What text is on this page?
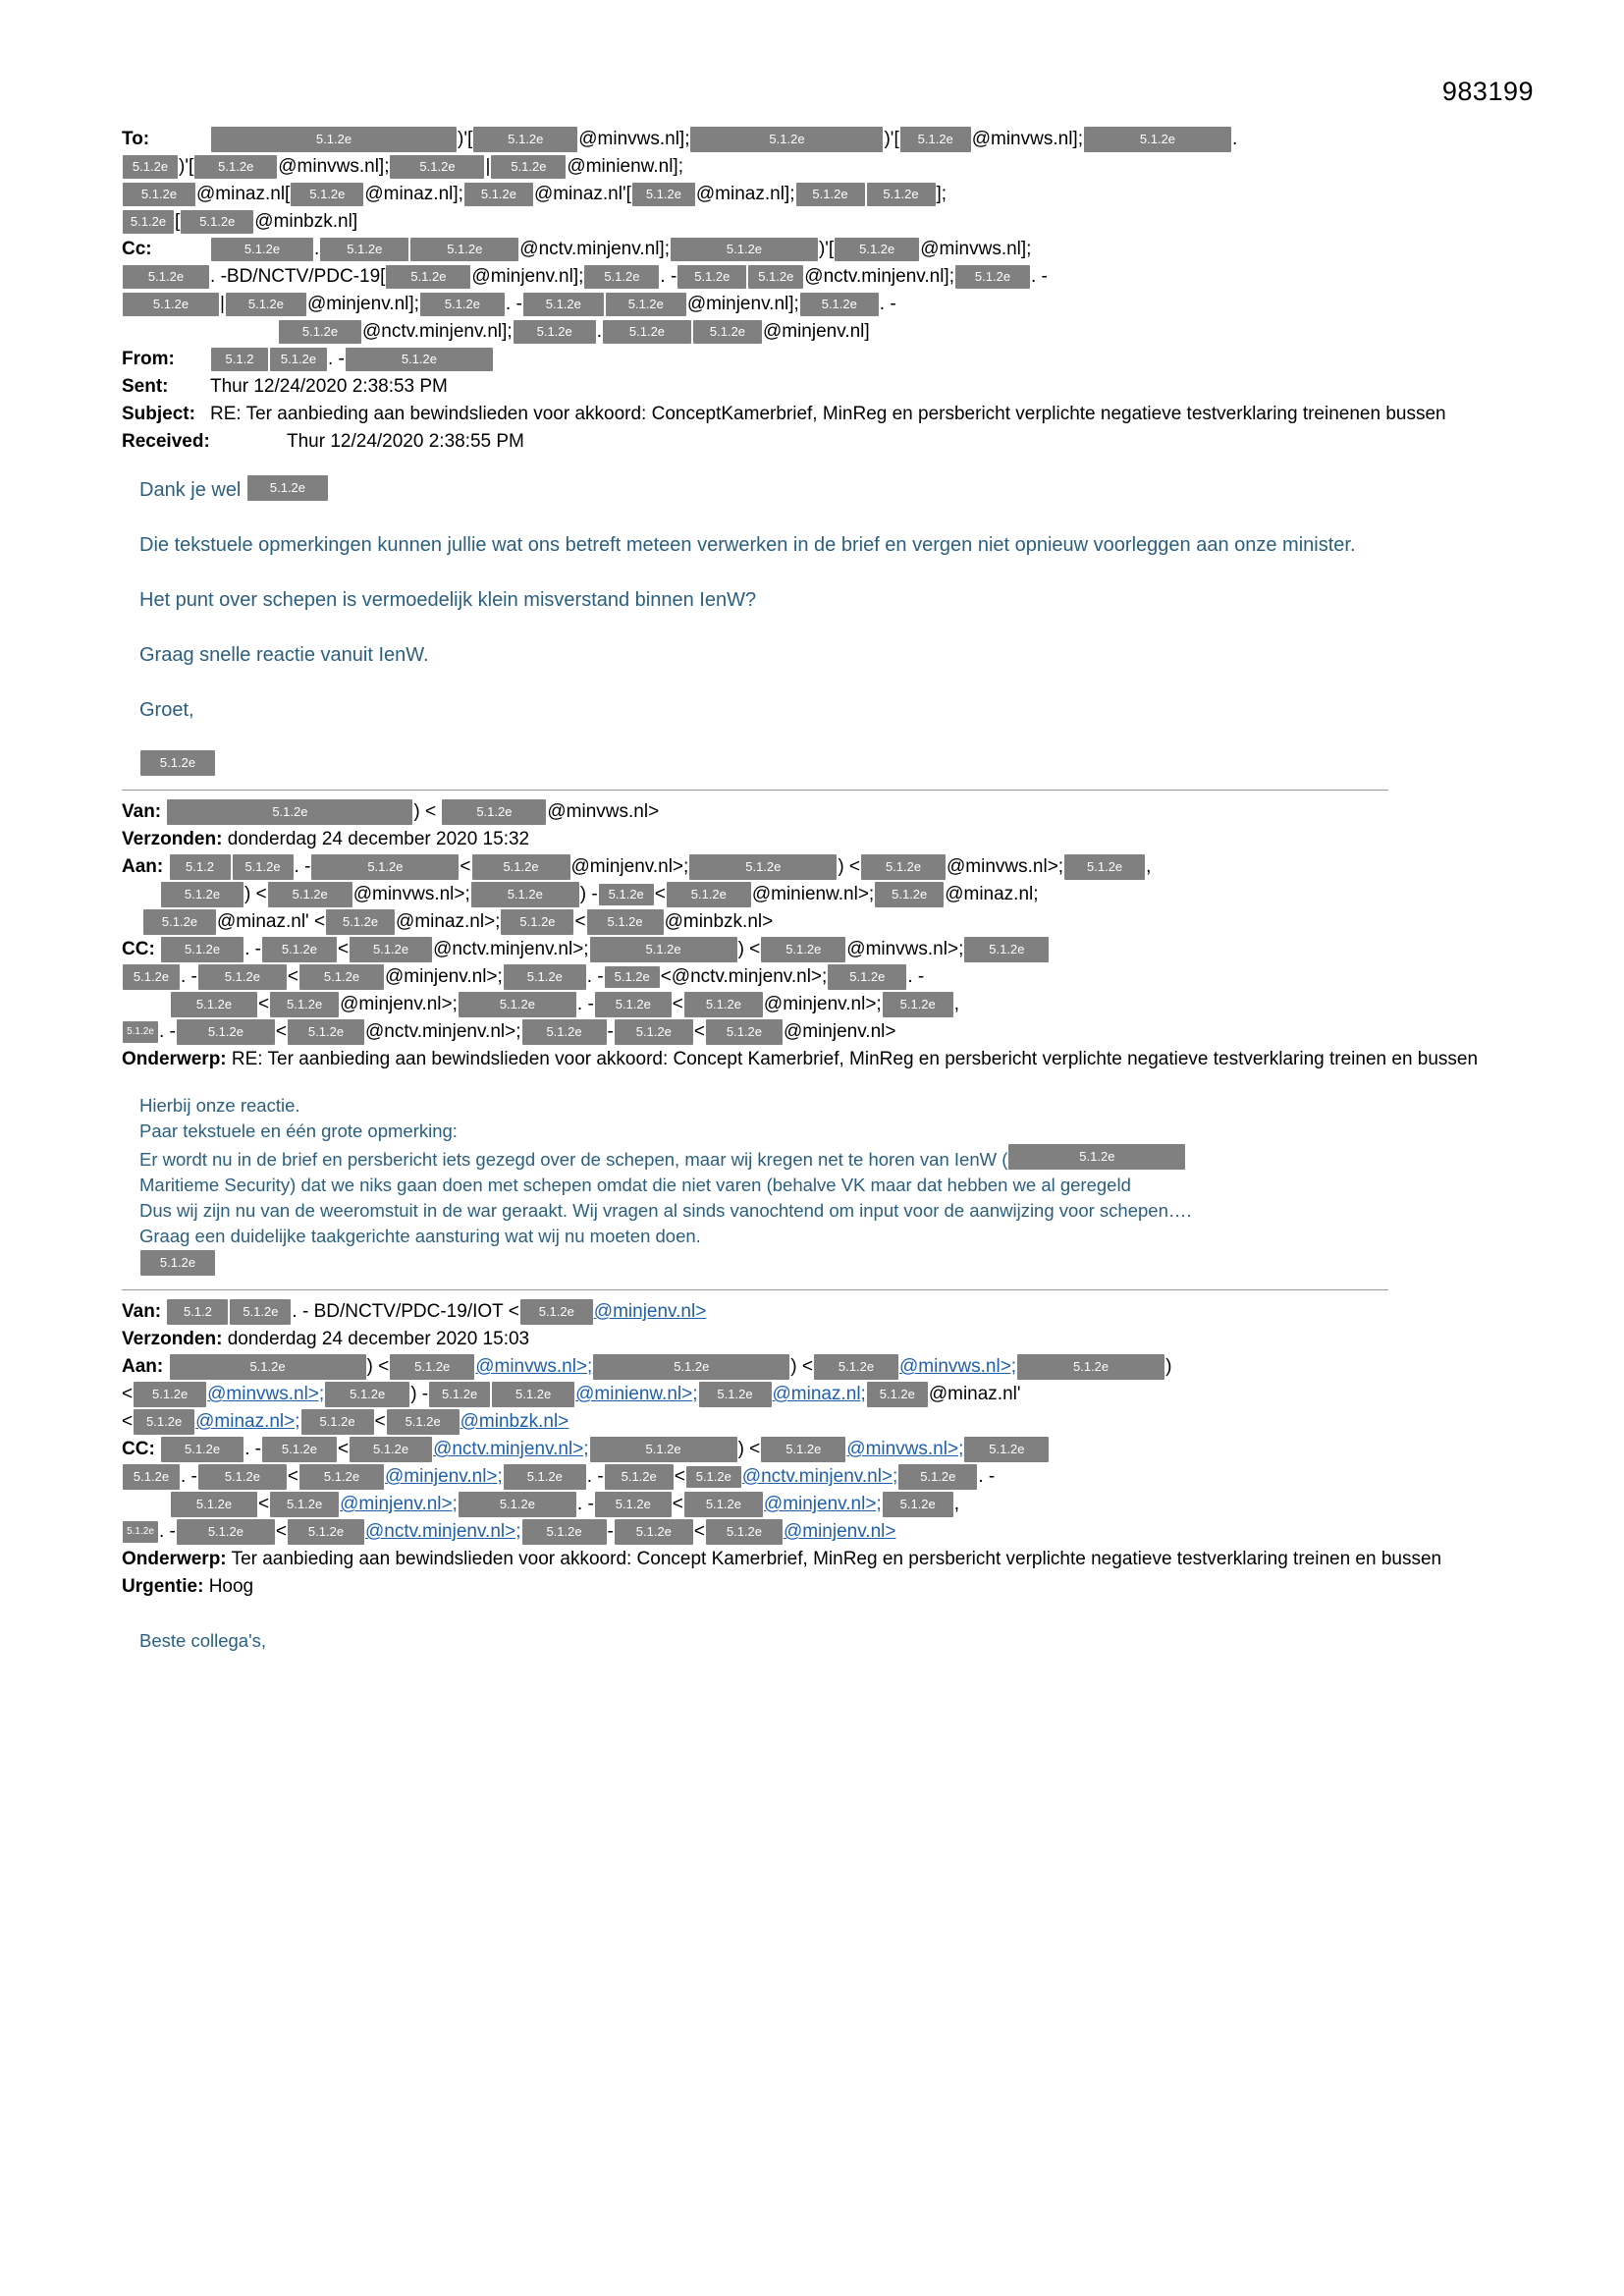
983199
To:	5.1.2e	)'[	5.1.2e @minvws.nl];	5.1.2e	)'[ 5.1.2e @minvws.nl];	5.1.2e	.
5.1.2e )'[ 5.1.2e @minvws.nl]; 5.1.2e | 5.1.2e @minienw.nl];
5.1.2e @minaz.nl[ 5.1.2e @minaz.nl]; 5.1.2e @minaz.nl'[ 5.1.2e @minaz.nl]; 5.1.2e	5.1.2e ];
5.1.2e [ 5.1.2e @minbzk.nl]
Cc:	5.1.2e . 5.1.2e	5.1.2e @nctv.minjenv.nl];	5.1.2e	)'[ 5.1.2e @minvws.nl];
5.1.2e . -BD/NCTV/PDC-19[ 5.1.2e @minjenv.nl]; 5.1.2e . - 5.1.2e 5.1.2e @nctv.minjenv.nl]; 5.1.2e . -
5.1.2e | 5.1.2e @minjenv.nl]; 5.1.2e . - 5.1.2e	5.1.2e @minjenv.nl]; 5.1.2e . -
5.1.2e @nctv.minjenv.nl]; 5.1.2e . 5.1.2e	5.1.2e @minjenv.nl]
From:	5.1.2 5.1.2e . -	5.1.2e
Sent: Thur 12/24/2020 2:38:53 PM
Subject: RE: Ter aanbieding aan bewindslieden voor akkoord: ConceptKamerbrief, MinReg en persbericht verplichte negatieve testverklaring treinenen bussen
Received:	Thur 12/24/2020 2:38:55 PM

Dank je wel 5.1.2e

Die tekstuele opmerkingen kunnen jullie wat ons betreft meteen verwerken in de brief en vergen niet opnieuw voorleggen aan onze minister.

Het punt over schepen is vermoedelijk klein misverstand binnen IenW?

Graag snelle reactie vanuit IenW.

Groet,

5.1.2e
Van:	5.1.2e	) <	5.1.2e @minvws.nl>
Verzonden: donderdag 24 december 2020 15:32
Aan: 5.1.2 5.1.2e . -	5.1.2e	<	5.1.2e @minjenv.nl>;	5.1.2e	) < 5.1.2e @minvws.nl>; 5.1.2e ,
5.1.2e ) < 5.1.2e @minvws.nl>;	5.1.2e ) - 5.1.2e < 5.1.2e @minienw.nl>; 5.1.2e @minaz.nl;
5.1.2e @minaz.nl' < 5.1.2e @minaz.nl>; 5.1.2e < 5.1.2e @minbzk.nl>
CC: 5.1.2e . - 5.1.2e < 5.1.2e @nctv.minjenv.nl>;	5.1.2e	) < 5.1.2e @minvws.nl>; 5.1.2e
5.1.2e . - 5.1.2e < 5.1.2e @minjenv.nl>; 5.1.2e . - 5.1.2e <@nctv.minjenv.nl>; 5.1.2e . -
5.1.2e < 5.1.2e @minjenv.nl>;	5.1.2e . - 5.1.2e < 5.1.2e @minjenv.nl>; 5.1.2e ,
5.1.2e . -	5.1.2e < 5.1.2e @nctv.minjenv.nl>; 5.1.2e - 5.1.2e < 5.1.2e @minjenv.nl>
Onderwerp: RE: Ter aanbieding aan bewindslieden voor akkoord: Concept Kamerbrief, MinReg en persbericht verplichte negatieve testverklaring treinen en bussen

Hierbij onze reactie.

Paar tekstuele en één grote opmerking:

Er wordt nu in de brief en persbericht iets gezegd over de schepen, maar wij kregen net te horen van IenW (	5.1.2e

Maritieme Security) dat we niks gaan doen met schepen omdat die niet varen (behalve VK maar dat hebben we al geregeld

Dus wij zijn nu van de weeromstuit in de war geraakt. Wij vragen al sinds vanochtend om input voor de aanwijzing voor schepen….

Graag een duidelijke taakgerichte aansturing wat wij nu moeten doen.

5.1.2e

Van: 5.1.2 5.1.2e . - BD/NCTV/PDC-19/IOT < 5.1.2e @minjenv.nl>
Verzonden: donderdag 24 december 2020 15:03
Aan:	5.1.2e	) < 5.1.2e @minvws.nl>;	5.1.2e	) < 5.1.2e @minvws.nl>;	5.1.2e	)
< 5.1.2e @minvws.nl>; 5.1.2e ) - 5.1.2e	5.1.2e @minienw.nl>; 5.1.2e @minaz.nl; 5.1.2e @minaz.nl'
< 5.1.2e @minaz.nl>; 5.1.2e < 5.1.2e @minbzk.nl>
CC: 5.1.2e . - 5.1.2e < 5.1.2e @nctv.minjenv.nl>;	5.1.2e	) < 5.1.2e @minvws.nl>; 5.1.2e
5.1.2e . - 5.1.2e < 5.1.2e @minjenv.nl>; 5.1.2e . - 5.1.2e < 5.1.2e @nctv.minjenv.nl>; 5.1.2e . -
5.1.2e < 5.1.2e @minjenv.nl>;	5.1.2e . - 5.1.2e < 5.1.2e @minjenv.nl>; 5.1.2e ,
5.1.2e . -	5.1.2e < 5.1.2e @nctv.minjenv.nl>; 5.1.2e - 5.1.2e < 5.1.2e @minjenv.nl>
Onderwerp: Ter aanbieding aan bewindslieden voor akkoord: Concept Kamerbrief, MinReg en persbericht verplichte negatieve testverklaring treinen en bussen
Urgentie: Hoog

Beste collega's,
